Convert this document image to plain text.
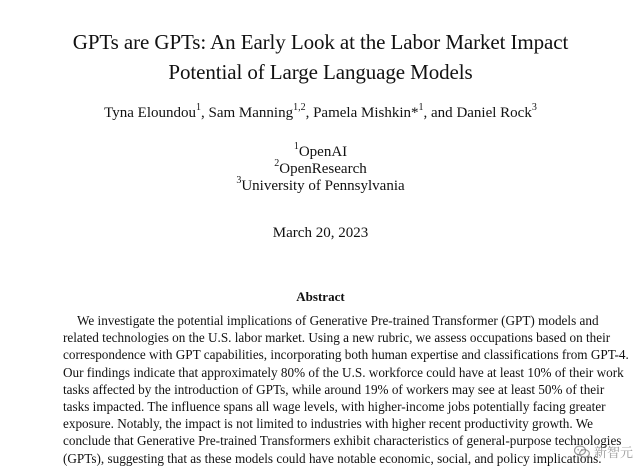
GPTs are GPTs: An Early Look at the Labor Market Impact
Potential of Large Language Models
Tyna Eloundou$^1$, Sam Manning$^{1,2}$, Pamela Mishkin*$^1$, and Daniel Rock$^3$
$^1$OpenAI
$^2$OpenResearch
$^3$University of Pennsylvania
March 20, 2023
Abstract
We investigate the potential implications of Generative Pre-trained Transformer (GPT) models and
related technologies on the U.S. labor market. Using a new rubric, we assess occupations based on their
correspondence with GPT capabilities, incorporating both human expertise and classifications from GPT-4.
Our findings indicate that approximately 80% of the U.S. workforce could have at least 10% of their work
tasks affected by the introduction of GPTs, while around 19% of workers may see at least 50% of their
tasks impacted. The influence spans all wage levels, with higher-income jobs potentially facing greater
exposure. Notably, the impact is not limited to industries with higher recent productivity growth. We
conclude that Generative Pre-trained Transformers exhibit characteristics of general-purpose technologies
(GPTs), suggesting that as these models could have notable economic, social, and policy implications.
新智元
